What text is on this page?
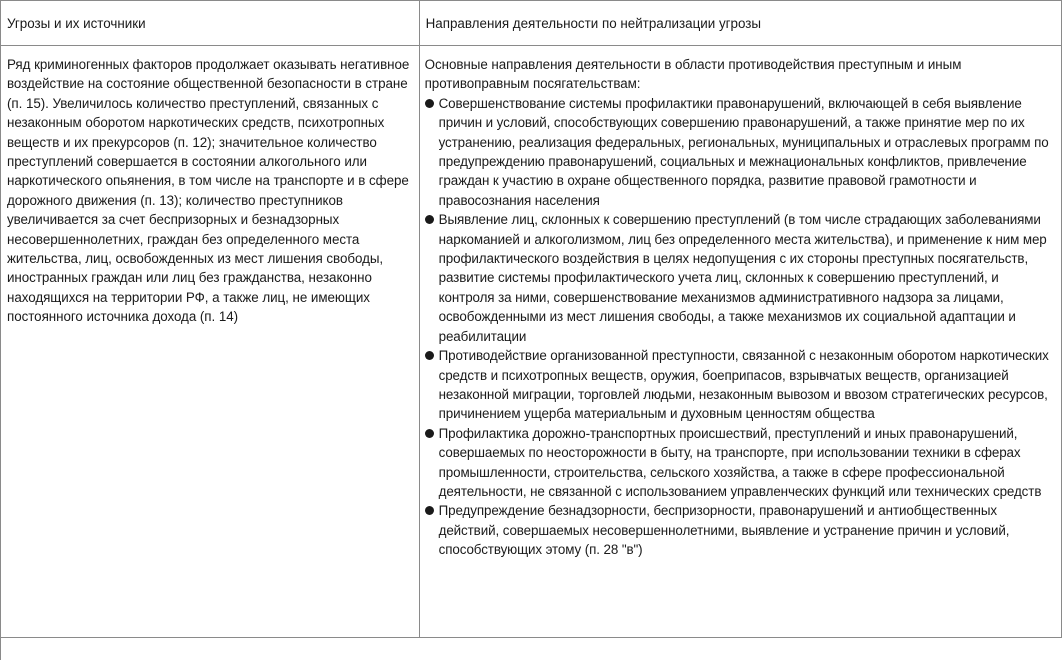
Угрозы и их источники	Направления деятельности по нейтрализации угрозы

Ряд криминогенных факторов продолжает оказывать негативное воздействие на состояние общественной безопасности в стране (п. 15). Увеличилось количество преступлений, связанных с незаконным оборотом наркотических средств, психотропных веществ и их прекурсоров (п. 12); значительное количество преступлений совершается в состоянии алкогольного или наркотического опьянения, в том числе на транспорте и в сфере дорожного движения (п. 13); количество преступников увеличивается за счет беспризорных и безнадзорных несовершеннолетних, граждан без определенного места жительства, лиц, освобожденных из мест лишения свободы, иностранных граждан или лиц без гражданства, незаконно находящихся на территории РФ, а также лиц, не имеющих постоянного источника дохода (п. 14)

Основные направления деятельности в области противодействия преступным и иным противоправным посягательствам:

Совершенствование системы профилактики правонарушений, включающей в себя выявление причин и условий, способствующих совершению правонарушений, а также принятие мер по их устранению, реализация федеральных, региональных, муниципальных и отраслевых программ по предупреждению правонарушений, социальных и межнациональных конфликтов, привлечение граждан к участию в охране общественного порядка, развитие правовой грамотности и правосознания населения
Выявление лиц, склонных к совершению преступлений (в том числе страдающих заболеваниями наркоманией и алкоголизмом, лиц без определенного места жительства), и применение к ним мер профилактического воздействия в целях недопущения с их стороны преступных посягательств, развитие системы профилактического учета лиц, склонных к совершению преступлений, и контроля за ними, совершенствование механизмов административного надзора за лицами, освобожденными из мест лишения свободы, а также механизмов их социальной адаптации и реабилитации
Противодействие организованной преступности, связанной с незаконным оборотом наркотических средств и психотропных веществ, оружия, боеприпасов, взрывчатых веществ, организацией незаконной миграции, торговлей людьми, незаконным вывозом и ввозом стратегических ресурсов, причинением ущерба материальным и духовным ценностям общества
Профилактика дорожно-транспортных происшествий, преступлений и иных правонарушений, совершаемых по неосторожности в быту, на транспорте, при использовании техники в сферах промышленности, строительства, сельского хозяйства, а также в сфере профессиональной деятельности, не связанной с использованием управленческих функций или технических средств
Предупреждение безнадзорности, беспризорности, правонарушений и антиобщественных действий, совершаемых несовершеннолетними, выявление и устранение причин и условий, способствующих этому (п. 28 "в")
